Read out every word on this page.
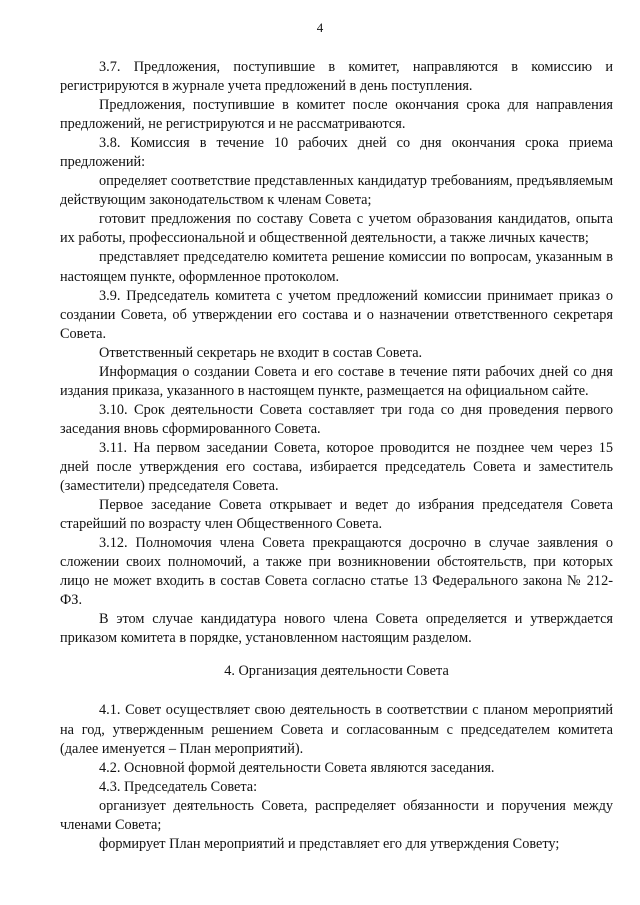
4

3.7. Предложения, поступившие в комитет, направляются в комиссию и регистрируются в журнале учета предложений в день поступления.

Предложения, поступившие в комитет после окончания срока для направления предложений, не регистрируются и не рассматриваются.

3.8. Комиссия в течение 10 рабочих дней со дня окончания срока приема предложений:

определяет соответствие представленных кандидатур требованиям, предъявляемым действующим законодательством к членам Совета;

готовит предложения по составу Совета с учетом образования кандидатов, опыта их работы, профессиональной и общественной деятельности, а также личных качеств;

представляет председателю комитета решение комиссии по вопросам, указанным в настоящем пункте, оформленное протоколом.

3.9. Председатель комитета с учетом предложений комиссии принимает приказ о создании Совета, об утверждении его состава и о назначении ответственного секретаря Совета.

Ответственный секретарь не входит в состав Совета.

Информация о создании Совета и его составе в течение пяти рабочих дней со дня издания приказа, указанного в настоящем пункте, размещается на официальном сайте.

3.10. Срок деятельности Совета составляет три года со дня проведения первого заседания вновь сформированного Совета.

3.11. На первом заседании Совета, которое проводится не позднее чем через 15 дней после утверждения его состава, избирается председатель Совета и заместитель (заместители) председателя Совета.

Первое заседание Совета открывает и ведет до избрания председателя Совета старейший по возрасту член Общественного Совета.

3.12. Полномочия члена Совета прекращаются досрочно в случае заявления о сложении своих полномочий, а также при возникновении обстоятельств, при которых лицо не может входить в состав Совета согласно статье 13 Федерального закона № 212-ФЗ.

В этом случае кандидатура нового члена Совета определяется и утверждается приказом комитета в порядке, установленном настоящим разделом.

4. Организация деятельности Совета

4.1. Совет осуществляет свою деятельность в соответствии с планом мероприятий на год, утвержденным решением Совета и согласованным с председателем комитета (далее именуется – План мероприятий).

4.2. Основной формой деятельности Совета являются заседания.

4.3. Председатель Совета:

организует деятельность Совета, распределяет обязанности и поручения между членами Совета;

формирует План мероприятий и представляет его для утверждения Совету;
